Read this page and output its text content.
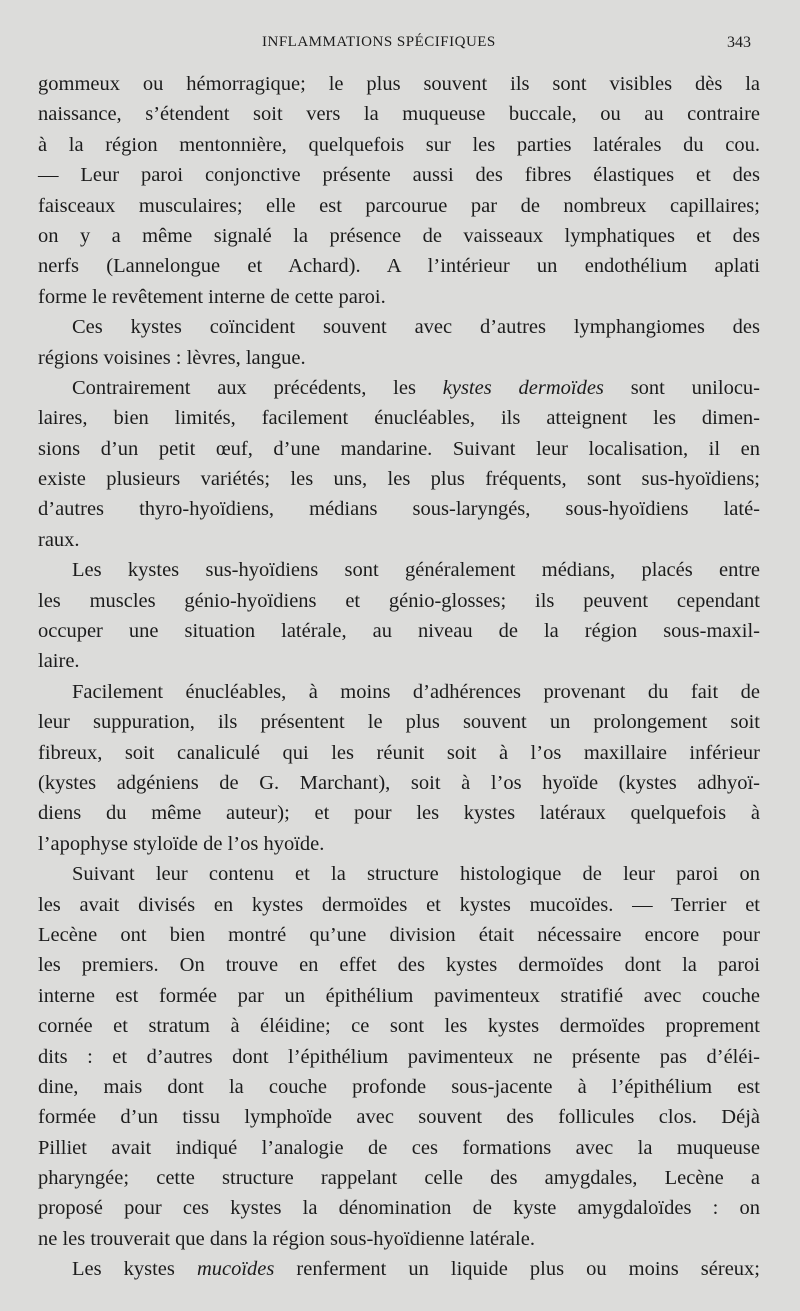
INFLAMMATIONS SPÉCIFIQUES	343
gommeux ou hémorragique; le plus souvent ils sont visibles dès la
naissance, s’étendent soit vers la muqueuse buccale, ou au contraire
à la région mentonnière, quelquefois sur les parties latérales du cou.
— Leur paroi conjonctive présente aussi des fibres élastiques et des
faisceaux musculaires; elle est parcourue par de nombreux capillaires;
on y a même signalé la présence de vaisseaux lymphatiques et des
nerfs (Lannelongue et Achard). A l’intérieur un endothélium aplati
forme le revêtement interne de cette paroi.
Ces kystes coïncident souvent avec d’autres lymphangiomes des
régions voisines : lèvres, langue.
Contrairement aux précédents, les kystes dermoïdes sont unilocu-
laires, bien limités, facilement énucléables, ils atteignent les dimen-
sions d’un petit œuf, d’une mandarine. Suivant leur localisation, il en
existe plusieurs variétés; les uns, les plus fréquents, sont sus-hyoïdiens;
d’autres thyro-hyoïdiens, médians sous-laryngés, sous-hyoïdiens laté-
raux.
Les kystes sus-hyoïdiens sont généralement médians, placés entre
les muscles génio-hyoïdiens et génio-glosses; ils peuvent cependant
occuper une situation latérale, au niveau de la région sous-maxil-
laire.
Facilement énucléables, à moins d’adhérences provenant du fait de
leur suppuration, ils présentent le plus souvent un prolongement soit
fibreux, soit canaliculé qui les réunit soit à l’os maxillaire inférieur
(kystes adgéniens de G. Marchant), soit à l’os hyoïde (kystes adhyoï-
diens du même auteur); et pour les kystes latéraux quelquefois à
l’apophyse styloïde de l’os hyoïde.
Suivant leur contenu et la structure histologique de leur paroi on
les avait divisés en kystes dermoïdes et kystes mucoïdes. — Terrier et
Lecène ont bien montré qu’une division était nécessaire encore pour
les premiers. On trouve en effet des kystes dermoïdes dont la paroi
interne est formée par un épithélium pavimenteux stratifié avec couche
cornée et stratum à éléidine; ce sont les kystes dermoïdes proprement
dits : et d’autres dont l’épithélium pavimenteux ne présente pas d’éléi-
dine, mais dont la couche profonde sous-jacente à l’épithélium est
formée d’un tissu lymphoïde avec souvent des follicules clos. Déjà
Pilliet avait indiqué l’analogie de ces formations avec la muqueuse
pharyngée; cette structure rappelant celle des amygdales, Lecène a
proposé pour ces kystes la dénomination de kyste amygdaloïdes : on
ne les trouverait que dans la région sous-hyoïdienne latérale.
Les kystes mucoïdes renferment un liquide plus ou moins séreux;
